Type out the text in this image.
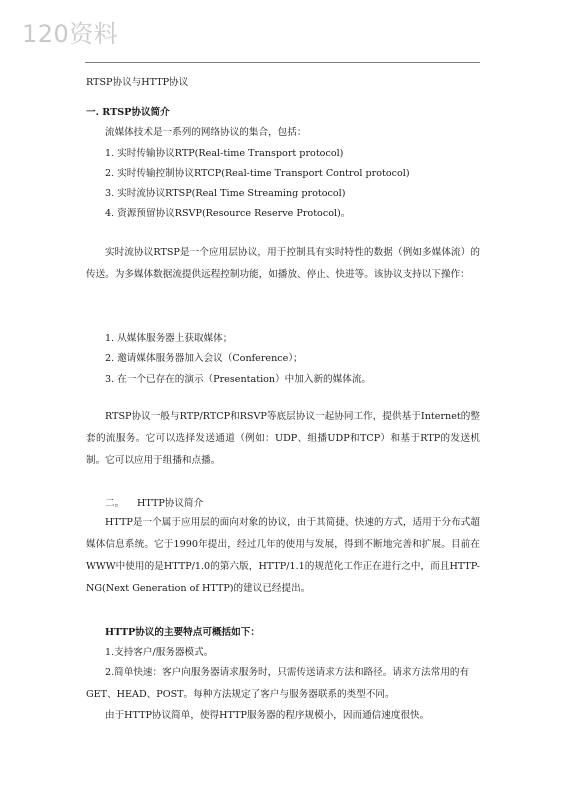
120资料
RTSP协议与HTTP协议
一. RTSP协议简介
流媒体技术是一系列的网络协议的集合，包括：
1. 实时传输协议RTP(Real-time Transport protocol)
2. 实时传输控制协议RTCP(Real-time Transport Control protocol)
3. 实时流协议RTSP(Real Time Streaming protocol)
4. 资源预留协议RSVP(Resource Reserve Protocol)。
实时流协议RTSP是一个应用层协议，用于控制具有实时特性的数据（例如多媒体流）的传送。为多媒体数据流提供远程控制功能，如播放、停止、快进等。该协议支持以下操作：
1. 从媒体服务器上获取媒体；
2. 邀请媒体服务器加入会议（Conference）；
3. 在一个已存在的演示（Presentation）中加入新的媒体流。
RTSP协议一般与RTP/RTCP和RSVP等底层协议一起协同工作，提供基于Internet的整套的流服务。它可以选择发送通道（例如：UDP、组播UDP和TCP）和基于RTP的发送机制。它可以应用于组播和点播。
二。 HTTP协议简介
HTTP是一个属于应用层的面向对象的协议，由于其简捷、快速的方式，适用于分布式超媒体信息系统。它于1990年提出，经过几年的使用与发展，得到不断地完善和扩展。目前在WWW中使用的是HTTP/1.0的第六版，HTTP/1.1的规范化工作正在进行之中，而且HTTP-NG(Next Generation of HTTP)的建议已经提出。
HTTP协议的主要特点可概括如下：
1.支持客户/服务器模式。
2.简单快速：客户向服务器请求服务时，只需传送请求方法和路径。请求方法常用的有
GET、HEAD、POST。每种方法规定了客户与服务器联系的类型不同。
由于HTTP协议简单，使得HTTP服务器的程序规模小，因而通信速度很快。
